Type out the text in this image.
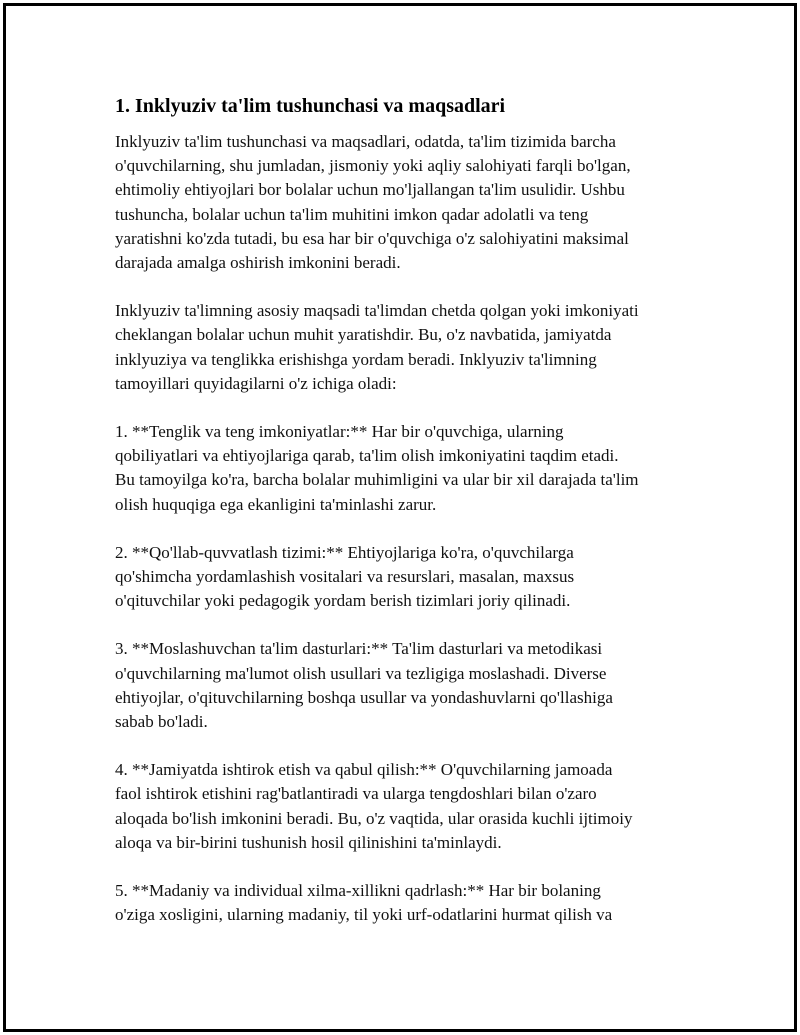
1. Inklyuziv ta'lim tushunchasi va maqsadlari
Inklyuziv ta'lim tushunchasi va maqsadlari, odatda, ta'lim tizimida barcha
o'quvchilarning, shu jumladan, jismoniy yoki aqliy salohiyati farqli bo'lgan,
ehtimoliy ehtiyojlari bor bolalar uchun mo'ljallangan ta'lim usulidir. Ushbu
tushuncha, bolalar uchun ta'lim muhitini imkon qadar adolatli va teng
yaratishni ko'zda tutadi, bu esa har bir o'quvchiga o'z salohiyatini maksimal
darajada amalga oshirish imkonini beradi.
Inklyuziv ta'limning asosiy maqsadi ta'limdan chetda qolgan yoki imkoniyati
cheklangan bolalar uchun muhit yaratishdir. Bu, o'z navbatida, jamiyatda
inklyuziya va tenglikka erishishga yordam beradi. Inklyuziv ta'limning
tamoyillari quyidagilarni o'z ichiga oladi:
1. **Tenglik va teng imkoniyatlar:** Har bir o'quvchiga, ularning
qobiliyatlari va ehtiyojlariga qarab, ta'lim olish imkoniyatini taqdim etadi.
Bu tamoyilga ko'ra, barcha bolalar muhimligini va ular bir xil darajada ta'lim
olish huquqiga ega ekanligini ta'minlashi zarur.
2. **Qo'llab-quvvatlash tizimi:** Ehtiyojlariga ko'ra, o'quvchilarga
qo'shimcha yordamlashish vositalari va resurslari, masalan, maxsus
o'qituvchilar yoki pedagogik yordam berish tizimlari joriy qilinadi.
3. **Moslashuvchan ta'lim dasturlari:** Ta'lim dasturlari va metodikasi
o'quvchilarning ma'lumot olish usullari va tezligiga moslashadi. Diverse
ehtiyojlar, o'qituvchilarning boshqa usullar va yondashuvlarni qo'llashiga
sabab bo'ladi.
4. **Jamiyatda ishtirok etish va qabul qilish:** O'quvchilarning jamoada
faol ishtirok etishini rag'batlantiradi va ularga tengdoshlari bilan o'zaro
aloqada bo'lish imkonini beradi. Bu, o'z vaqtida, ular orasida kuchli ijtimoiy
aloqa va bir-birini tushunish hosil qilinishini ta'minlaydi.
5. **Madaniy va individual xilma-xillikni qadrlash:** Har bir bolaning
o'ziga xosligini, ularning madaniy, til yoki urf-odatlarini hurmat qilish va
